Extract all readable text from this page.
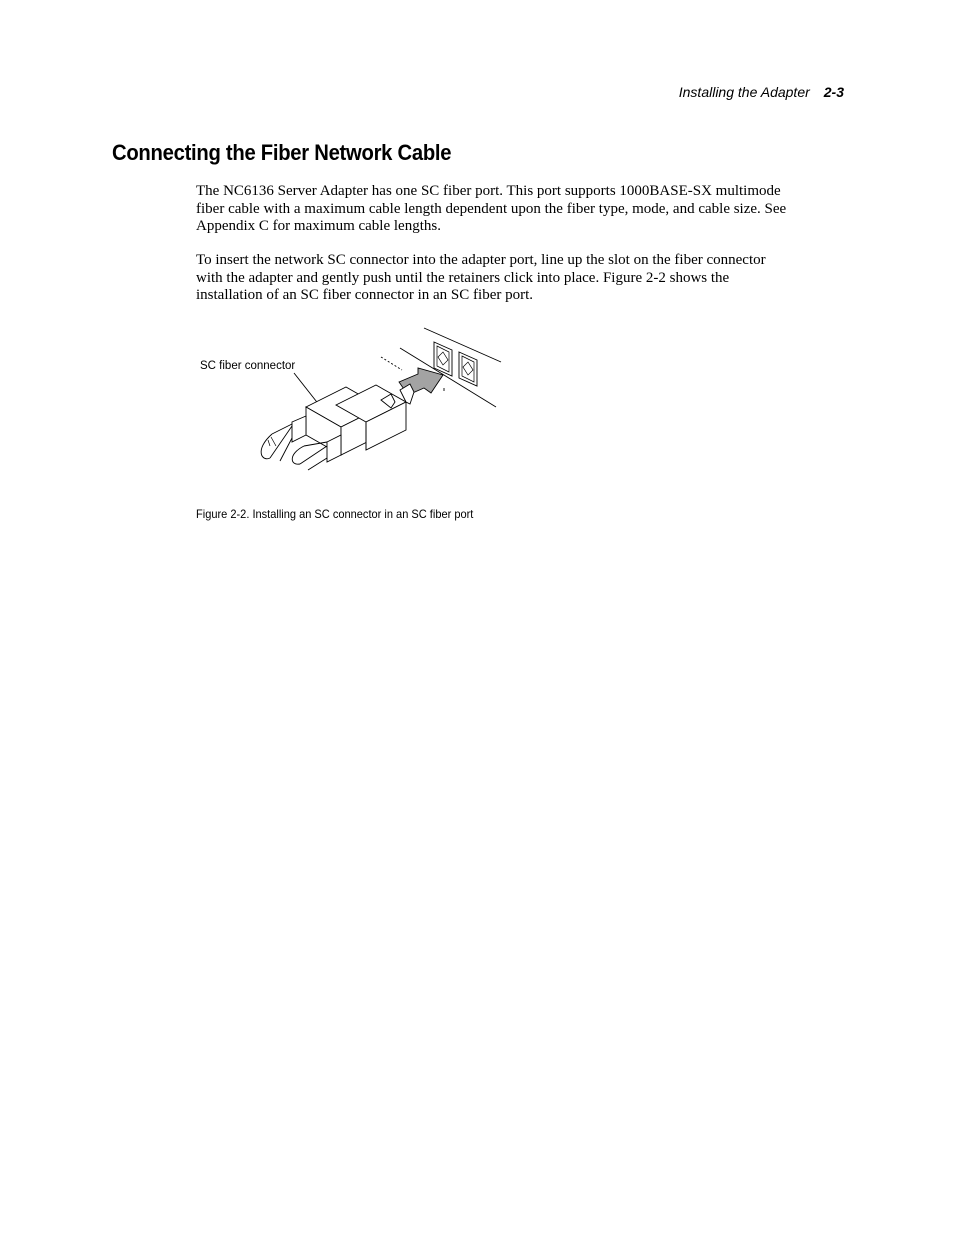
Installing the Adapter 2-3
Connecting the Fiber Network Cable

The NC6136 Server Adapter has one SC fiber port. This port supports 1000BASE-SX multimode fiber cable with a maximum cable length dependent upon the fiber type, mode, and cable size. See Appendix C for maximum cable lengths.

To insert the network SC connector into the adapter port, line up the slot on the fiber connector with the adapter and gently push until the retainers click into place. Figure 2-2 shows the installation of an SC fiber connector in an SC fiber port.

SC fiber connector

Figure 2-2. Installing an SC connector in an SC fiber port
